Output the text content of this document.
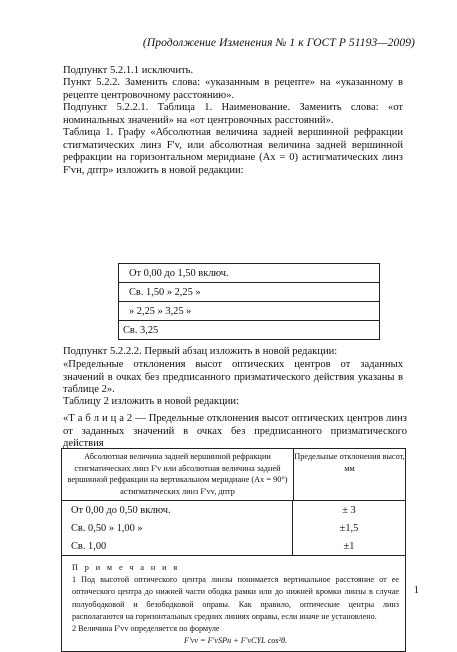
(Продолжение Изменения № 1 к ГОСТ Р 51193—2009)
Подпункт 5.2.1.1 исключить.
Пункт 5.2.2. Заменить слова: «указанным в рецепте» на «указанному в рецепте центровочному расстоянию».
Подпункт 5.2.2.1. Таблица 1. Наименование. Заменить слова: «от номинальных значений» на «от центровочных расстояний».
Таблица 1. Графу «Абсолютная величина задней вершинной рефракции стигматических линз F'v, или абсолютная величина задней вершинной рефракции на горизонтальном меридиане (Aх = 0) астигматических линз F'vн, дптр» изложить в новой редакции:
От 0,00 до 1,50 включ.
Св. 1,50 » 2,25 »
» 2,25 » 3,25 »
Св. 3,25
Подпункт 5.2.2.2. Первый абзац изложить в новой редакции:
«Предельные отклонения высот оптических центров от заданных значений в очках без предписанного призматического действия указаны в таблице 2».
Таблицу 2 изложить в новой редакции:
«Т а б л и ц а 2 — Предельные отклонения высот оптических центров линз от заданных значений в очках без предписанного призматического действия
Абсолютная величина задней вершинной рефракции стигматических линз F'v или абсолютная величина задней вершинной рефракции на вертикальном меридиане (Aх = 90°) астигматических линз F'vv, дптр
Предельные отклонения высот, мм
От 0,00 до 0,50 включ.	± 3
Св. 0,50 » 1,00 »	±1,5
Св. 1,00	±1
П р и м е ч а н и я
1 Под высотой оптического центра линзы понимается вертикальное расстояние от ее оптического центра до нижней части ободка рамки или до нижней кромки линзы в случае полуободковой и безободковой оправы. Как правило, оптические центры линз располагаются на горизонтальных средних линиях оправы, если иначе не установлено.
2 Величина F'vv определяется по формуле
F'vv = F'vSPн + F'vCYL cos²θ.
1
